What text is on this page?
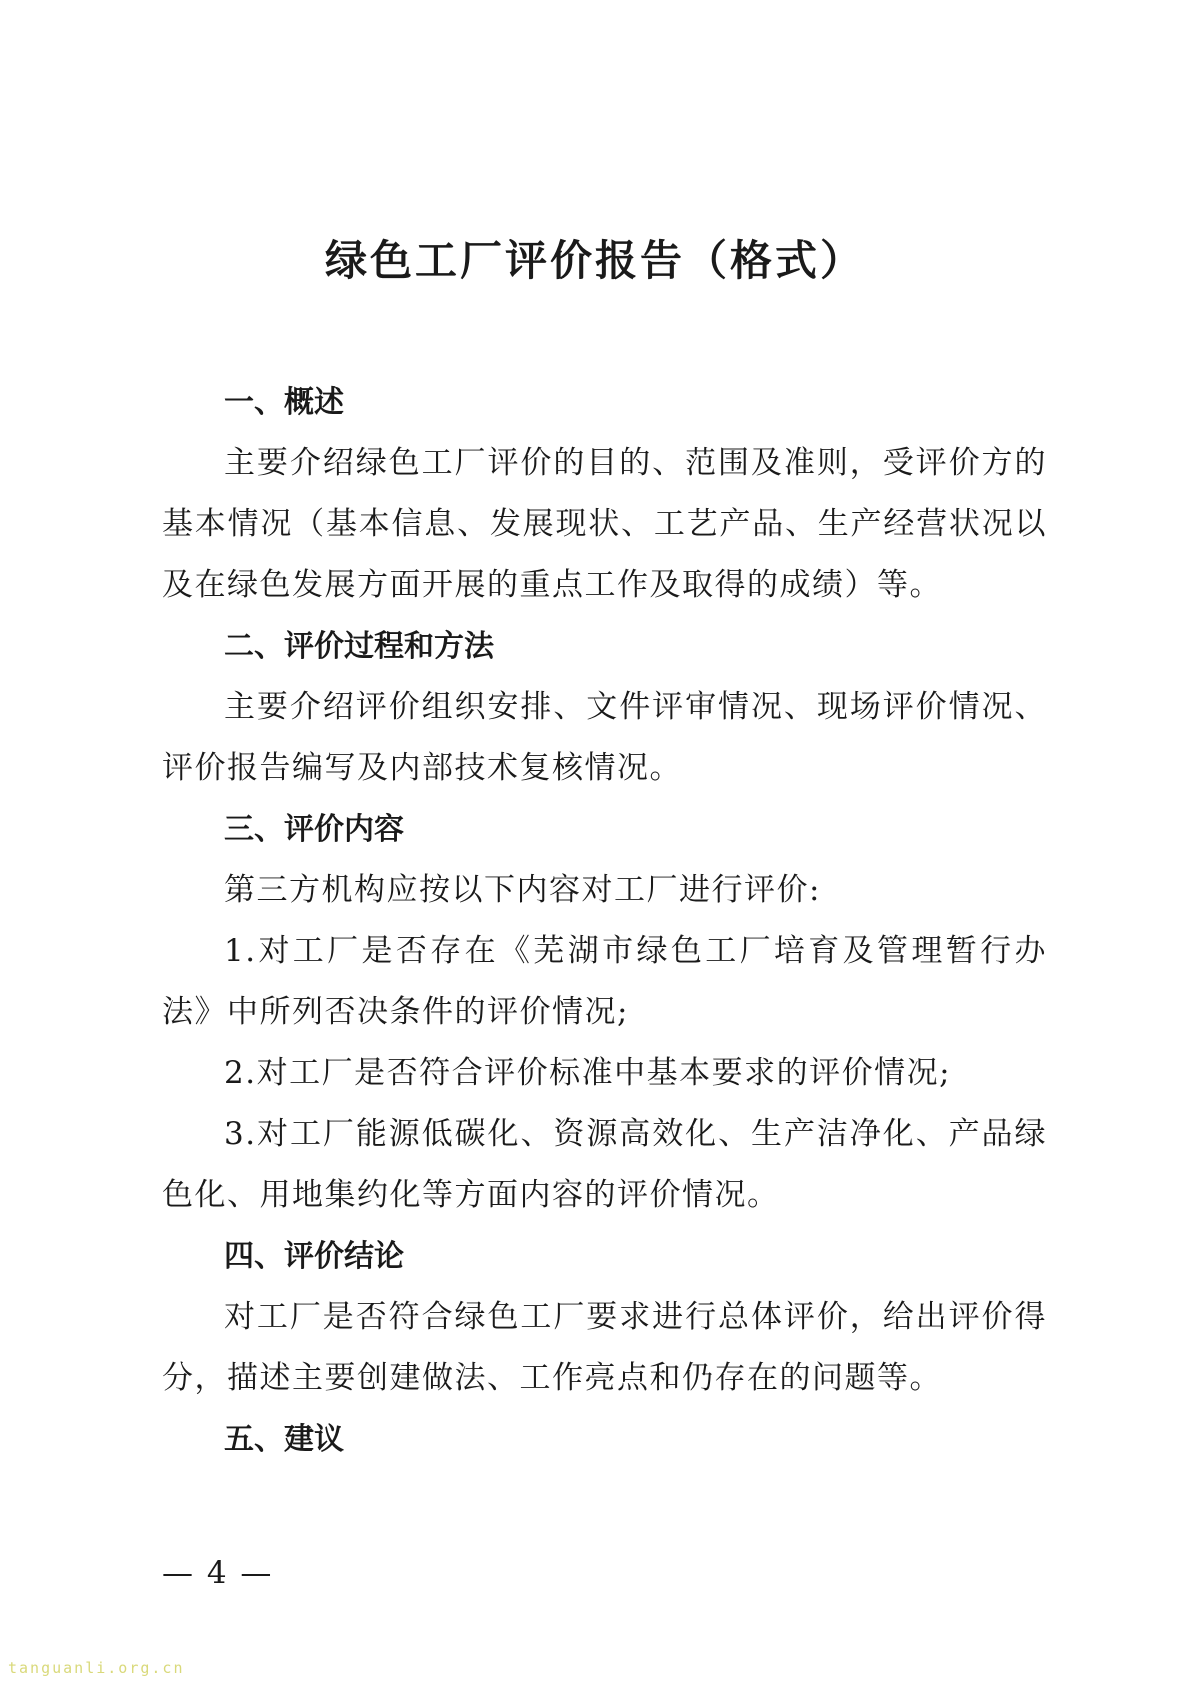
绿色工厂评价报告（格式）

一、概述

主要介绍绿色工厂评价的目的、范围及准则，受评价方的基本情况（基本信息、发展现状、工艺产品、生产经营状况以及在绿色发展方面开展的重点工作及取得的成绩）等。

二、评价过程和方法

主要介绍评价组织安排、文件评审情况、现场评价情况、评价报告编写及内部技术复核情况。

三、评价内容

第三方机构应按以下内容对工厂进行评价:

1.对工厂是否存在《芜湖市绿色工厂培育及管理暂行办法》中所列否决条件的评价情况;

2.对工厂是否符合评价标准中基本要求的评价情况;

3.对工厂能源低碳化、资源高效化、生产洁净化、产品绿色化、用地集约化等方面内容的评价情况。

四、评价结论

对工厂是否符合绿色工厂要求进行总体评价，给出评价得分，描述主要创建做法、工作亮点和仍存在的问题等。

五、建议

— 4 —
tanguanli.org.cn
